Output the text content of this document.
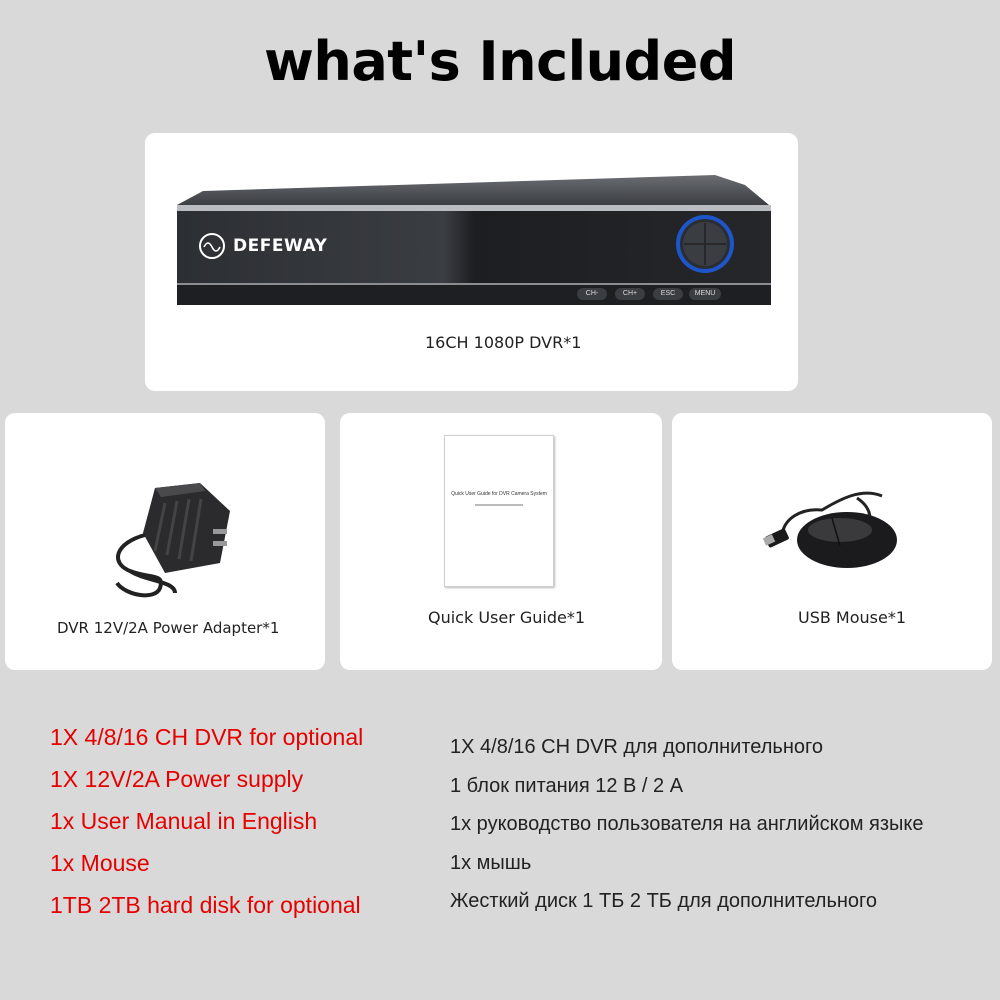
what's Included
DEFEWAY
CH-	CH+	ESC	MENU
16CH 1080P DVR*1
DVR 12V/2A Power Adapter*1
Quick User Guide for DVR Camera System
Quick User Guide*1	USB Mouse*1
1X 4/8/16 CH DVR for optional
1X 12V/2A Power supply
1x User Manual in English
1x Mouse
1TB 2TB hard disk for optional
1X 4/8/16 CH DVR для дополнительного
1 блок питания 12 В / 2 А
1x руководство пользователя на английском языке
1x мышь
Жесткий диск 1 ТБ 2 ТБ для дополнительного
